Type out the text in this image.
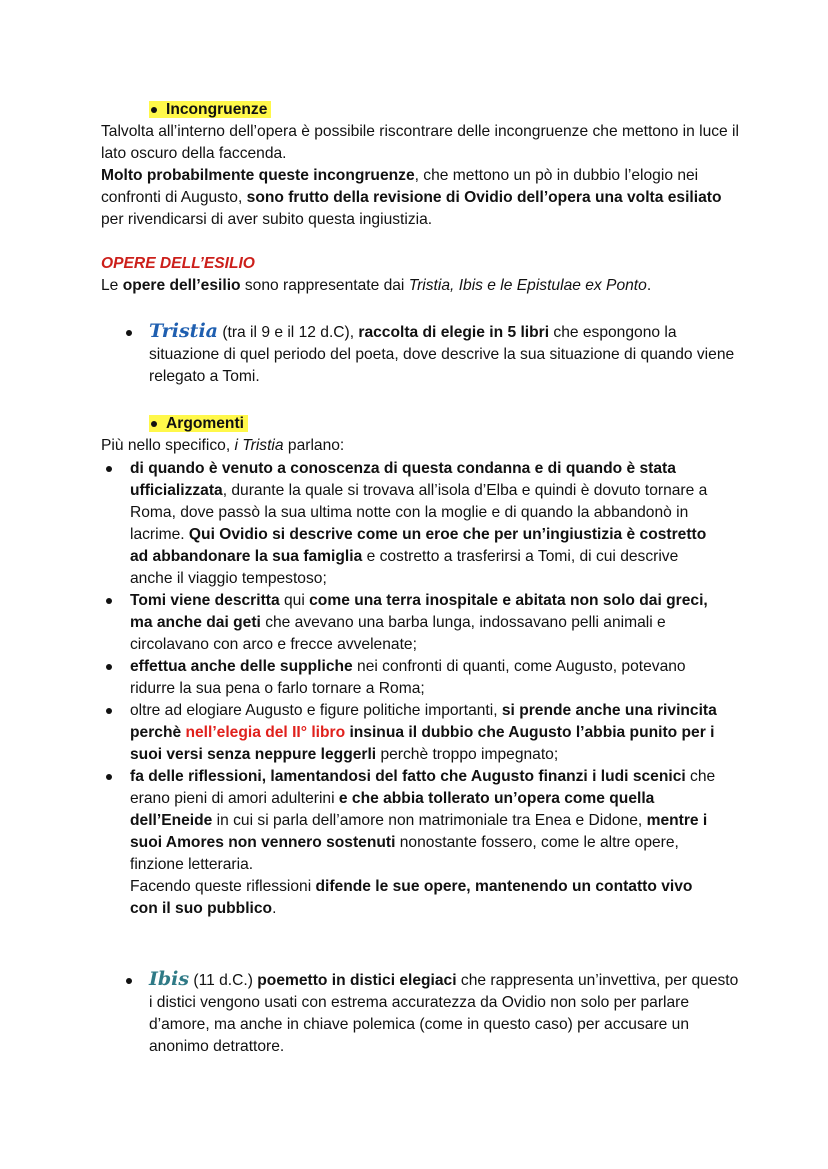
Incongruenze

Talvolta all’interno dell’opera è possibile riscontrare delle incongruenze che mettono in luce il lato oscuro della faccenda.

Molto probabilmente queste incongruenze, che mettono un pò in dubbio l’elogio nei confronti di Augusto, sono frutto della revisione di Ovidio dell’opera una volta esiliato per rivendicarsi di aver subito questa ingiustizia.

OPERE DELL’ESILIO
Le opere dell’esilio sono rappresentate dai Tristia, Ibis e le Epistulae ex Ponto.
Tristia (tra il 9 e il 12 d.C), raccolta di elegie in 5 libri che espongono la situazione di quel periodo del poeta, dove descrive la sua situazione di quando viene relegato a Tomi.
Argomenti
Più nello specifico, i Tristia parlano:
di quando è venuto a conoscenza di questa condanna e di quando è stata ufficializzata, durante la quale si trovava all’isola d’Elba e quindi è dovuto tornare a Roma, dove passò la sua ultima notte con la moglie e di quando la abbandonò in lacrime. Qui Ovidio si descrive come un eroe che per un’ingiustizia è costretto ad abbandonare la sua famiglia e costretto a trasferirsi a Tomi, di cui descrive anche il viaggio tempestoso;
Tomi viene descritta qui come una terra inospitale e abitata non solo dai greci, ma anche dai geti che avevano una barba lunga, indossavano pelli animali e circolavano con arco e frecce avvelenate;
effettua anche delle suppliche nei confronti di quanti, come Augusto, potevano ridurre la sua pena o farlo tornare a Roma;
oltre ad elogiare Augusto e figure politiche importanti, si prende anche una rivincita perchè nell’elegia del II° libro insinua il dubbio che Augusto l’abbia punito per i suoi versi senza neppure leggerli perchè troppo impegnato;
fa delle riflessioni, lamentandosi del fatto che Augusto finanzi i ludi scenici che erano pieni di amori adulterini e che abbia tollerato un’opera come quella dell’Eneide in cui si parla dell’amore non matrimoniale tra Enea e Didone, mentre i suoi Amores non vennero sostenuti nonostante fossero, come le altre opere, finzione letteraria.
Facendo queste riflessioni difende le sue opere, mantenendo un contatto vivo con il suo pubblico.
Ibis (11 d.C.) poemetto in distici elegiaci che rappresenta un’invettiva, per questo i distici vengono usati con estrema accuratezza da Ovidio non solo per parlare d’amore, ma anche in chiave polemica (come in questo caso) per accusare un anonimo detrattore.
